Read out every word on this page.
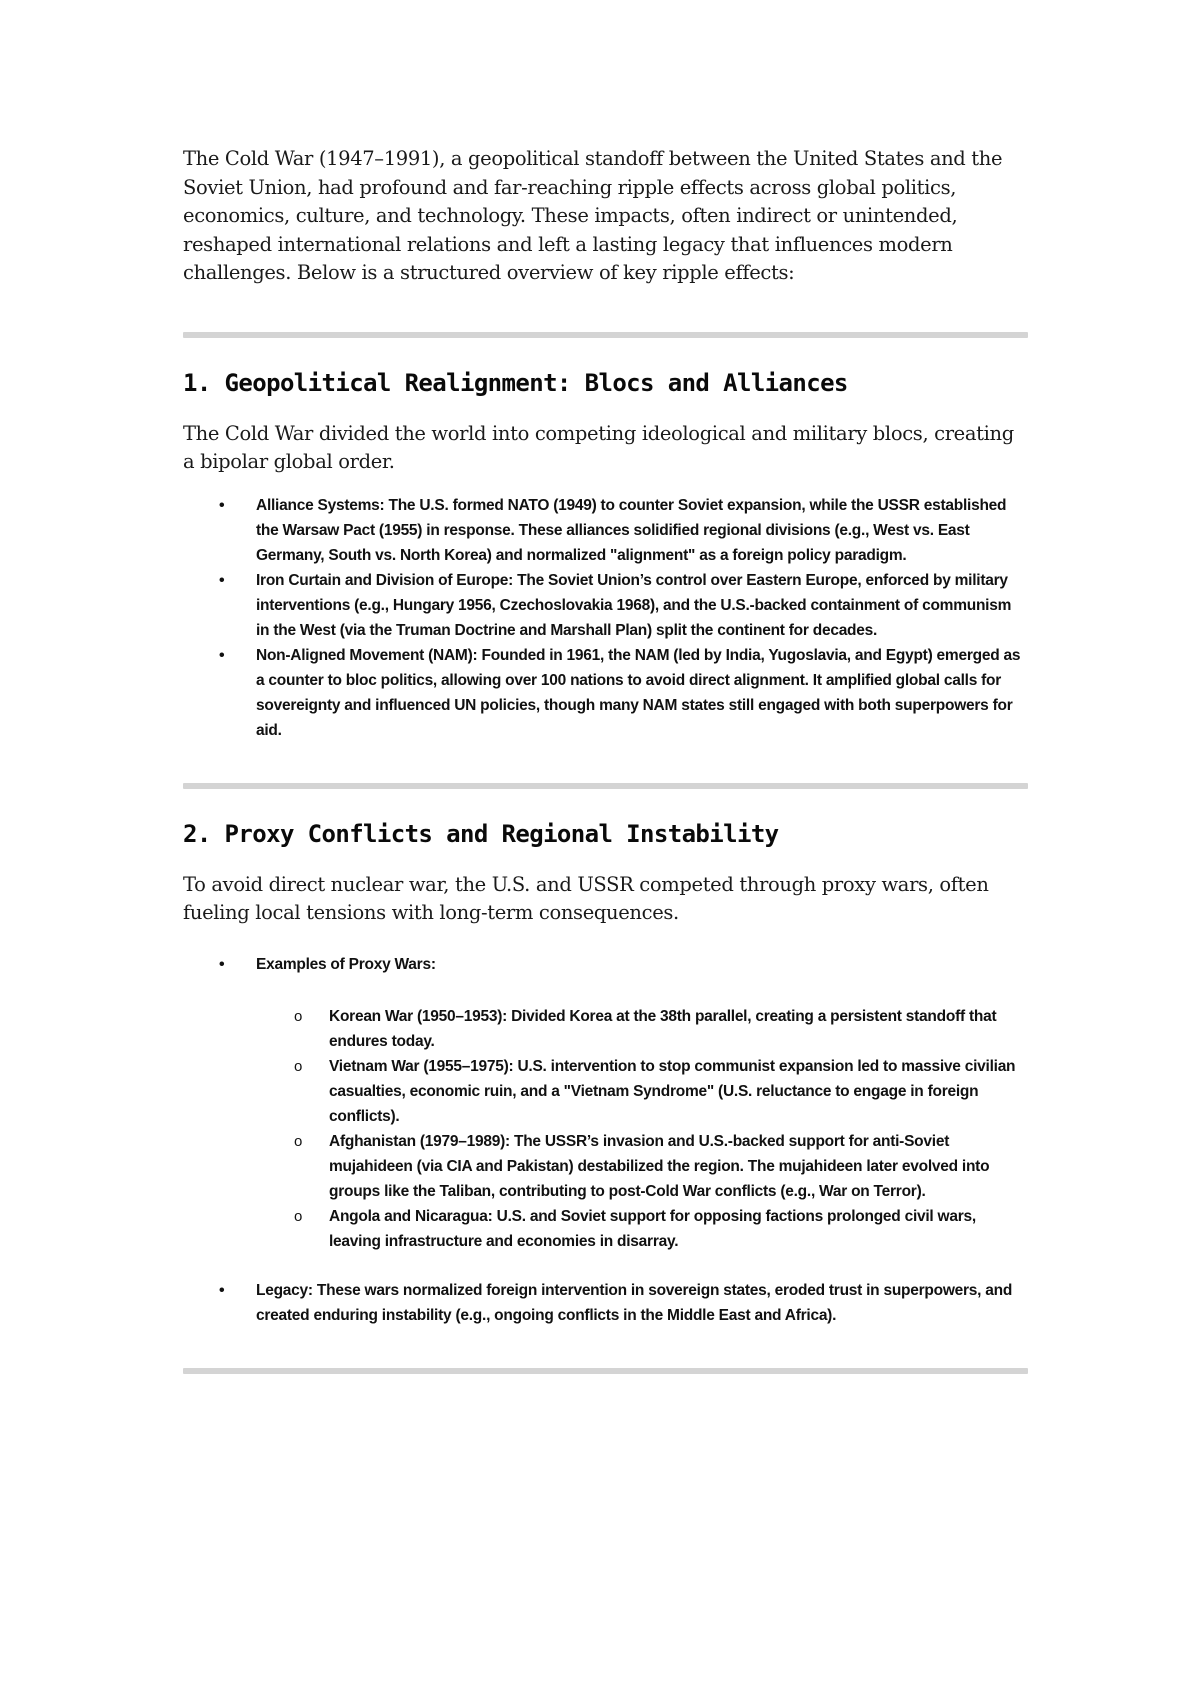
The Cold War (1947–1991), a geopolitical standoff between the United States and the Soviet Union, had profound and far-reaching ripple effects across global politics, economics, culture, and technology. These impacts, often indirect or unintended, reshaped international relations and left a lasting legacy that influences modern challenges. Below is a structured overview of key ripple effects:

1. Geopolitical Realignment: Blocs and Alliances

The Cold War divided the world into competing ideological and military blocs, creating a bipolar global order.

• Alliance Systems: The U.S. formed NATO (1949) to counter Soviet expansion, while the USSR established the Warsaw Pact (1955) in response. These alliances solidified regional divisions (e.g., West vs. East Germany, South vs. North Korea) and normalized "alignment" as a foreign policy paradigm.
• Iron Curtain and Division of Europe: The Soviet Union’s control over Eastern Europe, enforced by military interventions (e.g., Hungary 1956, Czechoslovakia 1968), and the U.S.-backed containment of communism in the West (via the Truman Doctrine and Marshall Plan) split the continent for decades.
• Non-Aligned Movement (NAM): Founded in 1961, the NAM (led by India, Yugoslavia, and Egypt) emerged as a counter to bloc politics, allowing over 100 nations to avoid direct alignment. It amplified global calls for sovereignty and influenced UN policies, though many NAM states still engaged with both superpowers for aid.
2. Proxy Conflicts and Regional Instability

To avoid direct nuclear war, the U.S. and USSR competed through proxy wars, often fueling local tensions with long-term consequences.

• Examples of Proxy Wars:
o Korean War (1950–1953): Divided Korea at the 38th parallel, creating a persistent standoff that endures today.
o Vietnam War (1955–1975): U.S. intervention to stop communist expansion led to massive civilian casualties, economic ruin, and a "Vietnam Syndrome" (U.S. reluctance to engage in foreign conflicts).
o Afghanistan (1979–1989): The USSR’s invasion and U.S.-backed support for anti-Soviet mujahideen (via CIA and Pakistan) destabilized the region. The mujahideen later evolved into groups like the Taliban, contributing to post-Cold War conflicts (e.g., War on Terror).
o Angola and Nicaragua: U.S. and Soviet support for opposing factions prolonged civil wars, leaving infrastructure and economies in disarray.
• Legacy: These wars normalized foreign intervention in sovereign states, eroded trust in superpowers, and created enduring instability (e.g., ongoing conflicts in the Middle East and Africa).
